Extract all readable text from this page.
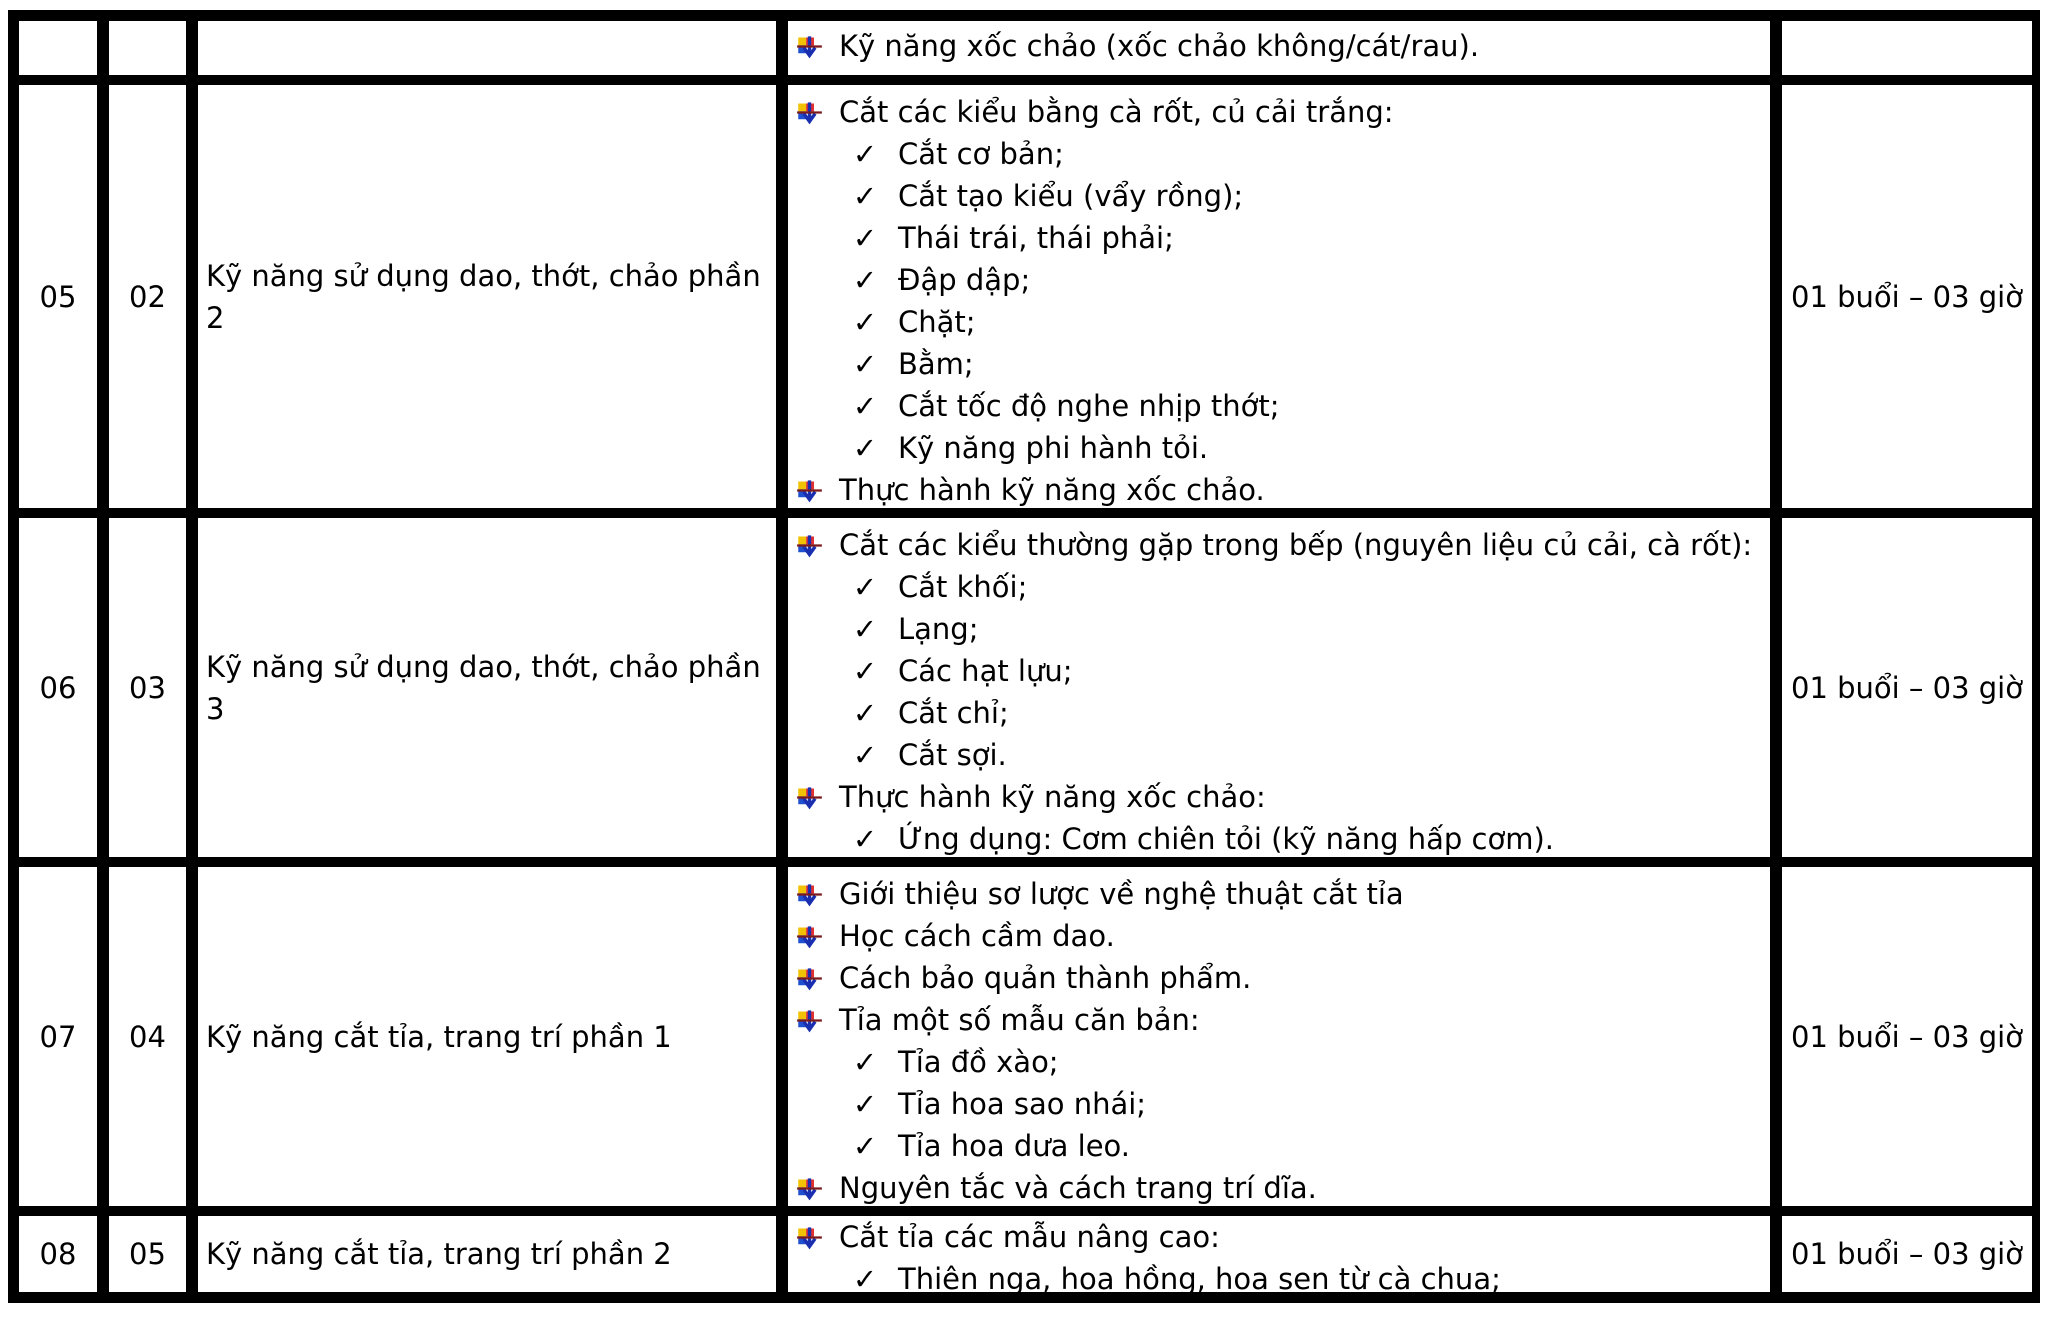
Kỹ năng xốc chảo (xốc chảo không/cát/rau).
05 02
Kỹ năng sử dụng dao, thớt, chảo phần 2
Cắt các kiểu bằng cà rốt, củ cải trắng:
✓ Cắt cơ bản;
✓ Cắt tạo kiểu (vẩy rồng);
✓ Thái trái, thái phải;
✓ Đập dập;
✓ Chặt;
✓ Bằm;
✓ Cắt tốc độ nghe nhịp thớt;
✓ Kỹ năng phi hành tỏi.
Thực hành kỹ năng xốc chảo.
01 buổi – 03 giờ
06 03
Kỹ năng sử dụng dao, thớt, chảo phần 3
Cắt các kiểu thường gặp trong bếp (nguyên liệu củ cải, cà rốt):
✓ Cắt khối;
✓ Lạng;
✓ Các hạt lựu;
✓ Cắt chỉ;
✓ Cắt sợi.
Thực hành kỹ năng xốc chảo:
✓ Ứng dụng: Cơm chiên tỏi (kỹ năng hấp cơm).
01 buổi – 03 giờ
07 04 Kỹ năng cắt tỉa, trang trí phần 1
Giới thiệu sơ lược về nghệ thuật cắt tỉa
Học cách cầm dao.
Cách bảo quản thành phẩm.
Tỉa một số mẫu căn bản:
✓ Tỉa đồ xào;
✓ Tỉa hoa sao nhái;
✓ Tỉa hoa dưa leo.
Nguyên tắc và cách trang trí dĩa.
01 buổi – 03 giờ
08 05 Kỹ năng cắt tỉa, trang trí phần 2	Cắt tỉa các mẫu nâng cao:
✓ Thiên nga, hoa hồng, hoa sen từ cà chua;
01 buổi – 03 giờ
